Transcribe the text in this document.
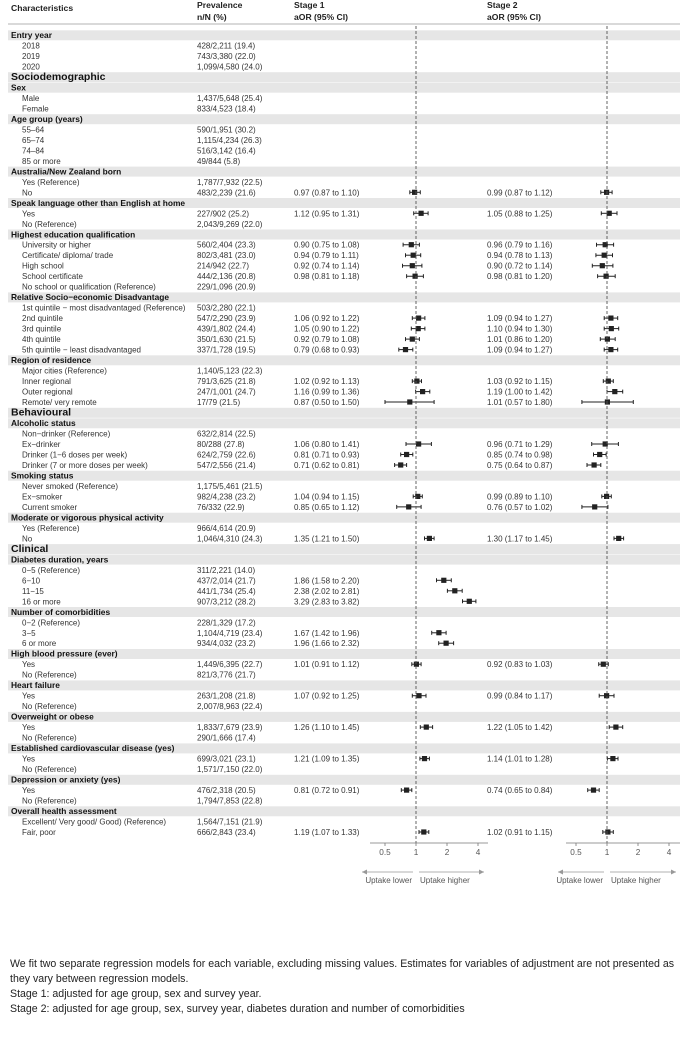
Characteristics	Prevalence
n/N (%)
Stage 1
aOR (95% CI)
Stage 2
aOR (95% CI)
Entry year
2018	428/2,211 (19.4)
2019	743/3,380 (22.0)
2020	1,099/4,580 (24.0)
Sociodemographic
Sex
Male	1,437/5,648 (25.4)
Female	833/4,523 (18.4)
Age group (years)
55–64	590/1,951 (30.2)
65–74	1,115/4,234 (26.3)
74–84	516/3,142 (16.4)
85 or more	49/844 (5.8)
Australia/New Zealand born
Yes (Reference)	1,787/7,932 (22.5)
No	483/2,239 (21.6)	0.97 (0.87 to 1.10)	0.99 (0.87 to 1.12)
Speak language other than English at home
Yes	227/902 (25.2)	1.12 (0.95 to 1.31)	1.05 (0.88 to 1.25)
No (Reference)	2,043/9,269 (22.0)
Highest education qualification
University or higher	560/2,404 (23.3)	0.90 (0.75 to 1.08)	0.96 (0.79 to 1.16)
Certificate/ diploma/ trade	802/3,481 (23.0)	0.94 (0.79 to 1.11)	0.94 (0.78 to 1.13)
High school	214/942 (22.7)	0.92 (0.74 to 1.14)	0.90 (0.72 to 1.14)
School certificate	444/2,136 (20.8)	0.98 (0.81 to 1.18)	0.98 (0.81 to 1.20)
No school or qualification (Reference)	229/1,096 (20.9)
Relative Socio−economic Disadvantage
1st quintile − most disadvantaged (Reference) 503/2,280 (22.1)
2nd quintile	547/2,290 (23.9)	1.06 (0.92 to 1.22)	1.09 (0.94 to 1.27)
3rd quintile	439/1,802 (24.4)	1.05 (0.90 to 1.22)	1.10 (0.94 to 1.30)
4th quintile	350/1,630 (21.5)	0.92 (0.79 to 1.08)	1.01 (0.86 to 1.20)
5th quintile − least disadvantaged	337/1,728 (19.5)	0.79 (0.68 to 0.93)	1.09 (0.94 to 1.27)
Region of residence
Major cities (Reference)	1,140/5,123 (22.3)
Inner regional	791/3,625 (21.8)	1.02 (0.92 to 1.13)	1.03 (0.92 to 1.15)
Outer regional	247/1,001 (24.7)	1.16 (0.99 to 1.36)	1.19 (1.00 to 1.42)
Remote/ very remote	17/79 (21.5)	0.87 (0.50 to 1.50)	1.01 (0.57 to 1.80)
Behavioural
Alcoholic status
Non−drinker (Reference)	632/2,814 (22.5)
Ex−drinker	80/288 (27.8)	1.06 (0.80 to 1.41)	0.96 (0.71 to 1.29)
Drinker (1−6 doses per week)	624/2,759 (22.6)	0.81 (0.71 to 0.93)	0.85 (0.74 to 0.98)
Drinker (7 or more doses per week)	547/2,556 (21.4)	0.71 (0.62 to 0.81)	0.75 (0.64 to 0.87)
Smoking status
Never smoked (Reference)	1,175/5,461 (21.5)
Ex−smoker	982/4,238 (23.2)	1.04 (0.94 to 1.15)	0.99 (0.89 to 1.10)
Current smoker	76/332 (22.9)	0.85 (0.65 to 1.12)	0.76 (0.57 to 1.02)
Moderate or vigorous physical activity
Yes (Reference)	966/4,614 (20.9)
No	1,046/4,310 (24.3)	1.35 (1.21 to 1.50)	1.30 (1.17 to 1.45)
Clinical
Diabetes duration, years
0−5 (Reference)	311/2,221 (14.0)
6−10	437/2,014 (21.7)	1.86 (1.58 to 2.20)
11−15	441/1,734 (25.4)	2.38 (2.02 to 2.81)
16 or more	907/3,212 (28.2)	3.29 (2.83 to 3.82)
Number of comorbidities
0−2 (Reference)	228/1,329 (17.2)
3−5	1,104/4,719 (23.4)	1.67 (1.42 to 1.96)
6 or more	934/4,032 (23.2)	1.96 (1.66 to 2.32)
High blood pressure (ever)
Yes	1,449/6,395 (22.7)	1.01 (0.91 to 1.12)	0.92 (0.83 to 1.03)
No (Reference)	821/3,776 (21.7)
Heart failure
Yes	263/1,208 (21.8)	1.07 (0.92 to 1.25)	0.99 (0.84 to 1.17)
No (Reference)	2,007/8,963 (22.4)
Overweight or obese
Yes	1,833/7,679 (23.9)	1.26 (1.10 to 1.45)	1.22 (1.05 to 1.42)
No (Reference)	290/1,666 (17.4)
Established cardiovascular disease (yes)
Yes	699/3,021 (23.1)	1.21 (1.09 to 1.35)	1.14 (1.01 to 1.28)
No (Reference)	1,571/7,150 (22.0)
Depression or anxiety (yes)
Yes	476/2,318 (20.5)	0.81 (0.72 to 0.91)	0.74 (0.65 to 0.84)
No (Reference)	1,794/7,853 (22.8)
Overall health assessment
Excellent/ Very good/ Good) (Reference)	1,564/7,151 (21.9)
Fair, poor	666/2,843 (23.4)	1.19 (1.07 to 1.33)	1.02 (0.91 to 1.15)
0.5	1	2	4
Uptake lower Uptake higher
0.5	1	2	4
Uptake lower Uptake higher

We fit two separate regression models for each variable, excluding missing values. Estimates for variables of adjustment are not presented as they vary between regression models.

Stage 1: adjusted for age group, sex and survey year.

Stage 2: adjusted for age group, sex, survey year, diabetes duration and number of comorbidities
